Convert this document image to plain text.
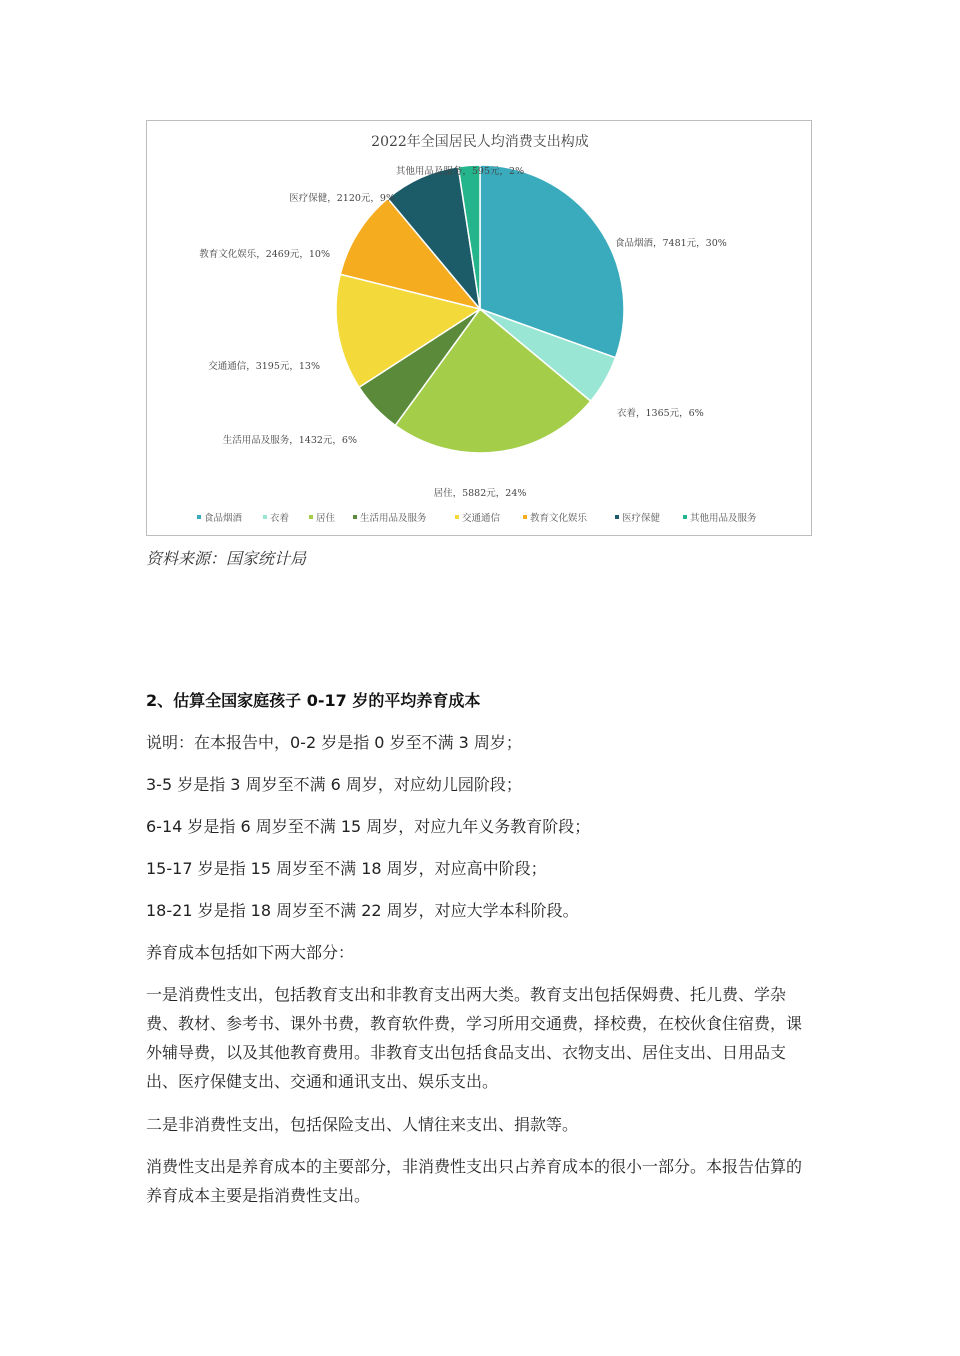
2022年全国居民人均消费支出构成
食品烟酒，7481元，30%
衣着，1365元，6%
居住，5882元，24%
生活用品及服务，1432元，6%
交通通信，3195元，13%
教育文化娱乐，2469元，10%
医疗保健，2120元，9%
其他用品及服务，595元，2%
食品烟酒	衣着	居住	生活用品及服务	交通通信	教育文化娱乐	医疗保健	其他用品及服务
资料来源：国家统计局
2、估算全国家庭孩子 0-17 岁的平均养育成本

说明：在本报告中，0-2 岁是指 0 岁至不满 3 周岁；

3-5 岁是指 3 周岁至不满 6 周岁，对应幼儿园阶段；

6-14 岁是指 6 周岁至不满 15 周岁，对应九年义务教育阶段；

15-17 岁是指 15 周岁至不满 18 周岁，对应高中阶段；

18-21 岁是指 18 周岁至不满 22 周岁，对应大学本科阶段。

养育成本包括如下两大部分：

一是消费性支出，包括教育支出和非教育支出两大类。教育支出包括保姆费、托儿费、学杂费、教材、参考书、课外书费，教育软件费，学习所用交通费，择校费，在校伙食住宿费，课外辅导费，以及其他教育费用。非教育支出包括食品支出、衣物支出、居住支出、日用品支出、医疗保健支出、交通和通讯支出、娱乐支出。

二是非消费性支出，包括保险支出、人情往来支出、捐款等。

消费性支出是养育成本的主要部分，非消费性支出只占养育成本的很小一部分。本报告估算的养育成本主要是指消费性支出。
